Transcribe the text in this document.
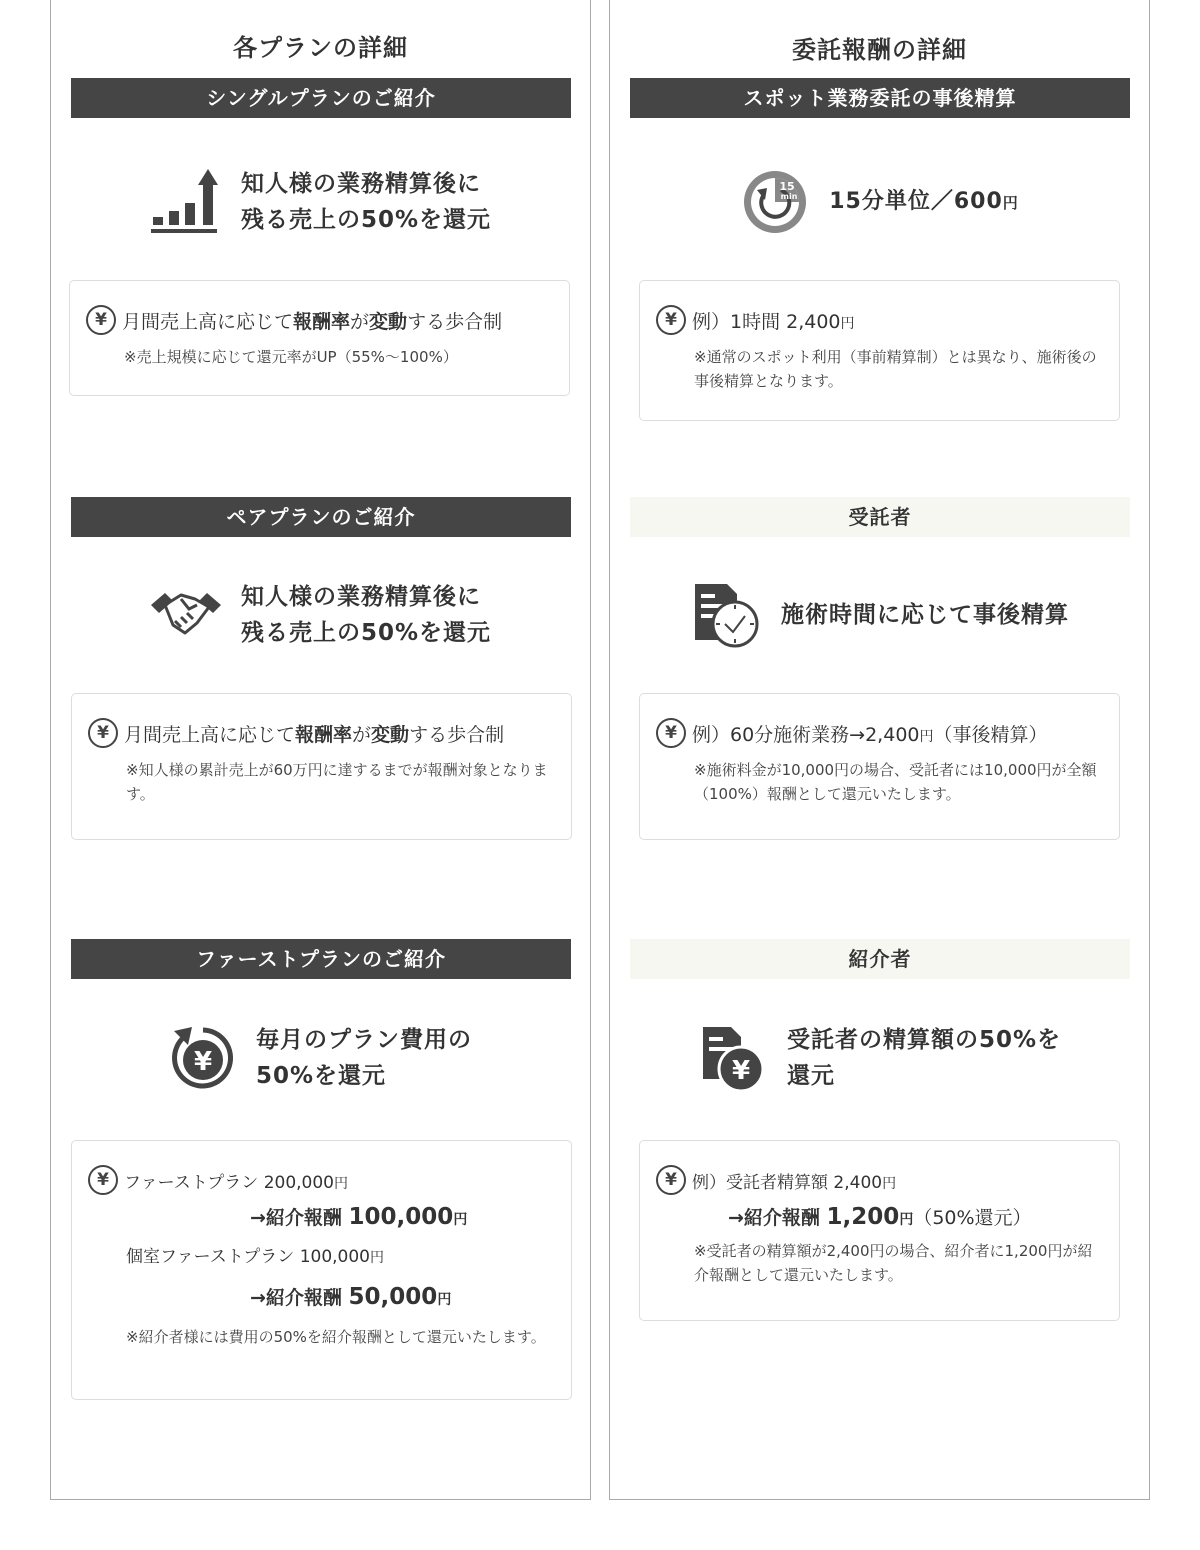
各プランの詳細
シングルプランのご紹介
知人様の業務精算後に
残る売上の50%を還元
¥ 月間売上高に応じて報酬率が変動する歩合制
※売上規模に応じて還元率がUP（55%～100%）
ペアプランのご紹介
知人様の業務精算後に
残る売上の50%を還元
¥ 月間売上高に応じて報酬率が変動する歩合制
※知人様の累計売上が60万円に達するまでが報酬対象となります。
ファーストプランのご紹介
¥
毎月のプラン費用の
50%を還元
¥ ファーストプラン 200,000円
→紹介報酬 100,000円
個室ファーストプラン 100,000円
→紹介報酬 50,000円
※紹介者様には費用の50%を紹介報酬として還元いたします。
委託報酬の詳細
スポット業務委託の事後精算
15
min 15分単位／600円
¥ 例）1時間 2,400円
※通常のスポット利用（事前精算制）とは異なり、施術後の事後精算となります。
受託者
施術時間に応じて事後精算
¥ 例）60分施術業務→2,400円（事後精算）
※施術料金が10,000円の場合、受託者には10,000円が全額（100%）報酬として還元いたします。
紹介者
¥
受託者の精算額の50%を
還元
¥ 例）受託者精算額 2,400円
→紹介報酬 1,200円（50%還元）
※受託者の精算額が2,400円の場合、紹介者に1,200円が紹介報酬として還元いたします。
